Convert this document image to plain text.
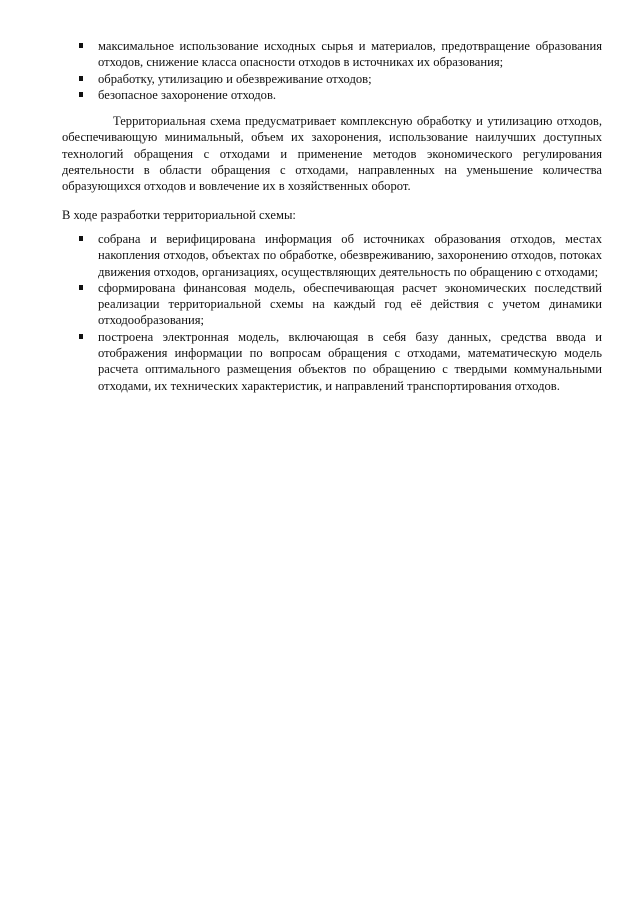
максимальное использование исходных сырья и материалов, предотвращение образования отходов, снижение класса опасности отходов в источниках их образования;
обработку, утилизацию и обезвреживание отходов;
безопасное захоронение отходов.

Территориальная схема предусматривает комплексную обработку и утилизацию отходов, обеспечивающую минимальный, объем их захоронения, использование наилучших доступных технологий обращения с отходами и применение методов экономического регулирования деятельности в области обращения с отходами, направленных на уменьшение количества образующихся отходов и вовлечение их в хозяйственных оборот.

В ходе разработки территориальной схемы:

собрана и верифицирована информация об источниках образования отходов, местах накопления отходов, объектах по обработке, обезвреживанию, захоронению отходов, потоках движения отходов, организациях, осуществляющих деятельность по обращению с отходами;
сформирована финансовая модель, обеспечивающая расчет экономических последствий реализации территориальной схемы на каждый год её действия с учетом динамики отходообразования;
построена электронная модель, включающая в себя базу данных, средства ввода и отображения информации по вопросам обращения с отходами, математическую модель расчета оптимального размещения объектов по обращению с твердыми коммунальными отходами, их технических характеристик, и направлений транспортирования отходов.
